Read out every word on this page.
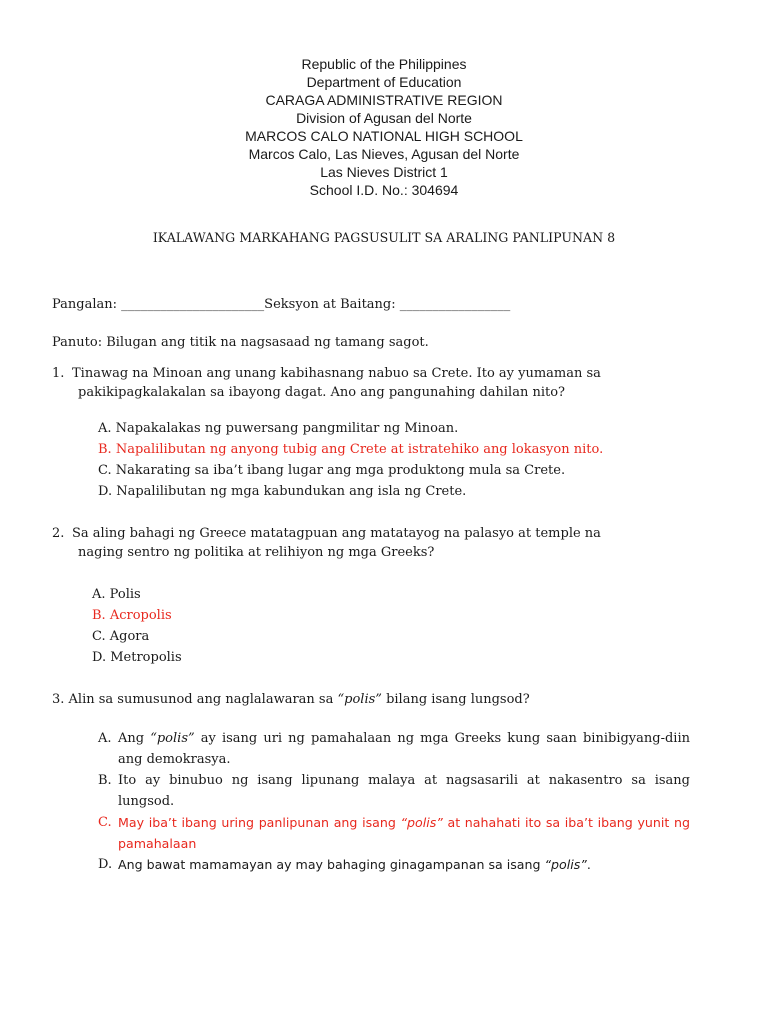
Republic of the Philippines
Department of Education
CARAGA ADMINISTRATIVE REGION
Division of Agusan del Norte
MARCOS CALO NATIONAL HIGH SCHOOL
Marcos Calo, Las Nieves, Agusan del Norte
Las Nieves District 1
School I.D. No.: 304694
IKALAWANG MARKAHANG PAGSUSULIT SA ARALING PANLIPUNAN 8
Pangalan: ______________________Seksyon at Baitang: _________________
Panuto: Bilugan ang titik na nagsasaad ng tamang sagot.
1. Tinawag na Minoan ang unang kabihasnang nabuo sa Crete. Ito ay yumaman sa
pakikipagkalakalan sa ibayong dagat. Ano ang pangunahing dahilan nito?
A. Napakalakas ng puwersang pangmilitar ng Minoan.
B. Napalilibutan ng anyong tubig ang Crete at istratehiko ang lokasyon nito.
C. Nakarating sa iba’t ibang lugar ang mga produktong mula sa Crete.
D. Napalilibutan ng mga kabundukan ang isla ng Crete.
2. Sa aling bahagi ng Greece matatagpuan ang matatayog na palasyo at temple na
naging sentro ng politika at relihiyon ng mga Greeks?
A. Polis
B. Acropolis
C. Agora
D. Metropolis
3. Alin sa sumusunod ang naglalawaran sa “polis” bilang isang lungsod?
A. Ang “polis” ay isang uri ng pamahalaan ng mga Greeks kung saan binibigyang-diin ang demokrasya.
B. Ito ay binubuo ng isang lipunang malaya at nagsasarili at nakasentro sa isang lungsod.
C. May iba’t ibang uring panlipunan ang isang “polis” at nahahati ito sa iba’t ibang yunit ng pamahalaan
D. Ang bawat mamamayan ay may bahaging ginagampanan sa isang “polis”.
